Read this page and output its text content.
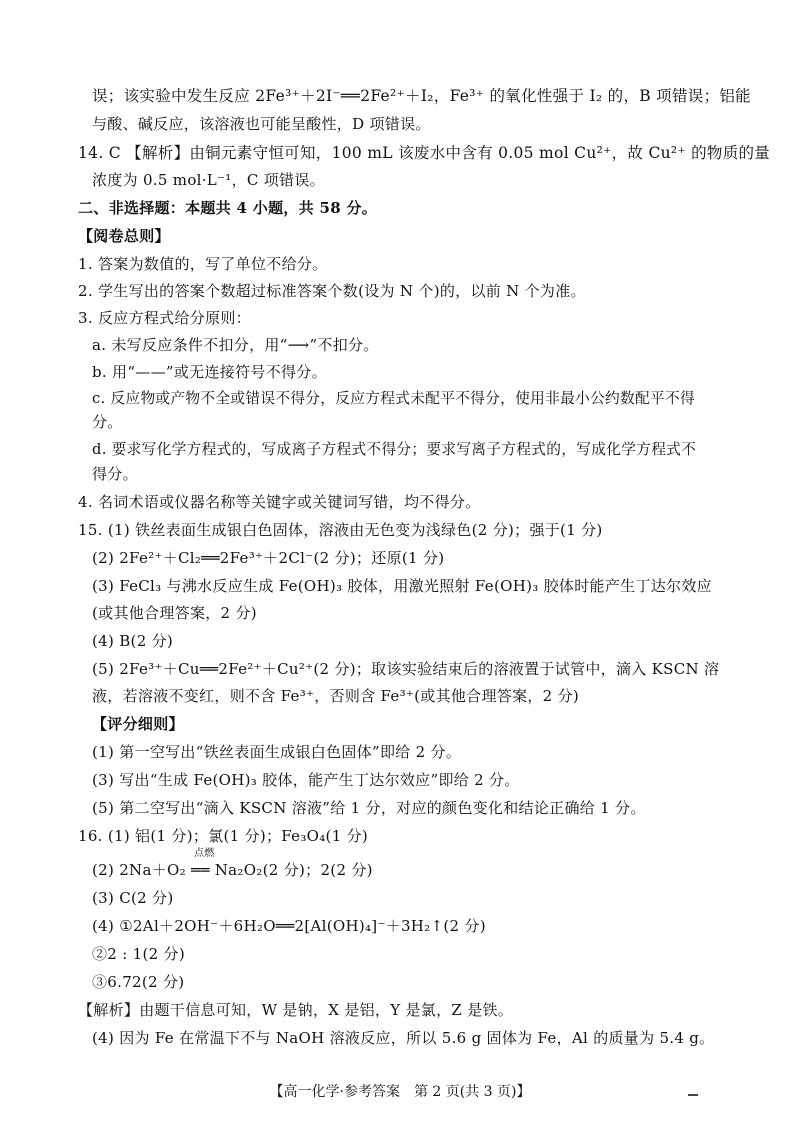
误；该实验中发生反应 2Fe³⁺＋2I⁻══2Fe²⁺＋I₂，Fe³⁺ 的氧化性强于 I₂ 的，B 项错误；铝能
与酸、碱反应，该溶液也可能呈酸性，D 项错误。
14. C 【解析】由铜元素守恒可知，100 mL 该废水中含有 0.05 mol Cu²⁺，故 Cu²⁺ 的物质的量
浓度为 0.5 mol·L⁻¹，C 项错误。
二、非选择题：本题共 4 小题，共 58 分。
【阅卷总则】
1. 答案为数值的，写了单位不给分。
2. 学生写出的答案个数超过标准答案个数(设为 N 个)的，以前 N 个为准。
3. 反应方程式给分原则：
a. 未写反应条件不扣分，用“⟶”不扣分。
b. 用“——”或无连接符号不得分。
c. 反应物或产物不全或错误不得分，反应方程式未配平不得分，使用非最小公约数配平不得
分。
d. 要求写化学方程式的，写成离子方程式不得分；要求写离子方程式的，写成化学方程式不
得分。
4. 名词术语或仪器名称等关键字或关键词写错，均不得分。
15. (1) 铁丝表面生成银白色固体，溶液由无色变为浅绿色(2 分)；强于(1 分)
(2) 2Fe²⁺＋Cl₂══2Fe³⁺＋2Cl⁻(2 分)；还原(1 分)
(3) FeCl₃ 与沸水反应生成 Fe(OH)₃ 胶体，用激光照射 Fe(OH)₃ 胶体时能产生丁达尔效应
(或其他合理答案，2 分)
(4) B(2 分)
(5) 2Fe³⁺＋Cu══2Fe²⁺＋Cu²⁺(2 分)；取该实验结束后的溶液置于试管中，滴入 KSCN 溶
液，若溶液不变红，则不含 Fe³⁺，否则含 Fe³⁺(或其他合理答案，2 分)
【评分细则】
(1) 第一空写出“铁丝表面生成银白色固体”即给 2 分。
(3) 写出“生成 Fe(OH)₃ 胶体，能产生丁达尔效应”即给 2 分。
(5) 第二空写出“滴入 KSCN 溶液”给 1 分，对应的颜色变化和结论正确给 1 分。
16. (1) 铝(1 分)；氯(1 分)；Fe₃O₄(1 分)
点燃
(2) 2Na＋O₂ ══ Na₂O₂(2 分)；2(2 分)
(3) C(2 分)
(4) ①2Al＋2OH⁻＋6H₂O══2[Al(OH)₄]⁻＋3H₂↑(2 分)
②2 : 1(2 分)
③6.72(2 分)
【解析】由题干信息可知，W 是钠，X 是铝，Y 是氯，Z 是铁。
(4) 因为 Fe 在常温下不与 NaOH 溶液反应，所以 5.6 g 固体为 Fe，Al 的质量为 5.4 g。
【高一化学·参考答案　第 2 页(共 3 页)】
